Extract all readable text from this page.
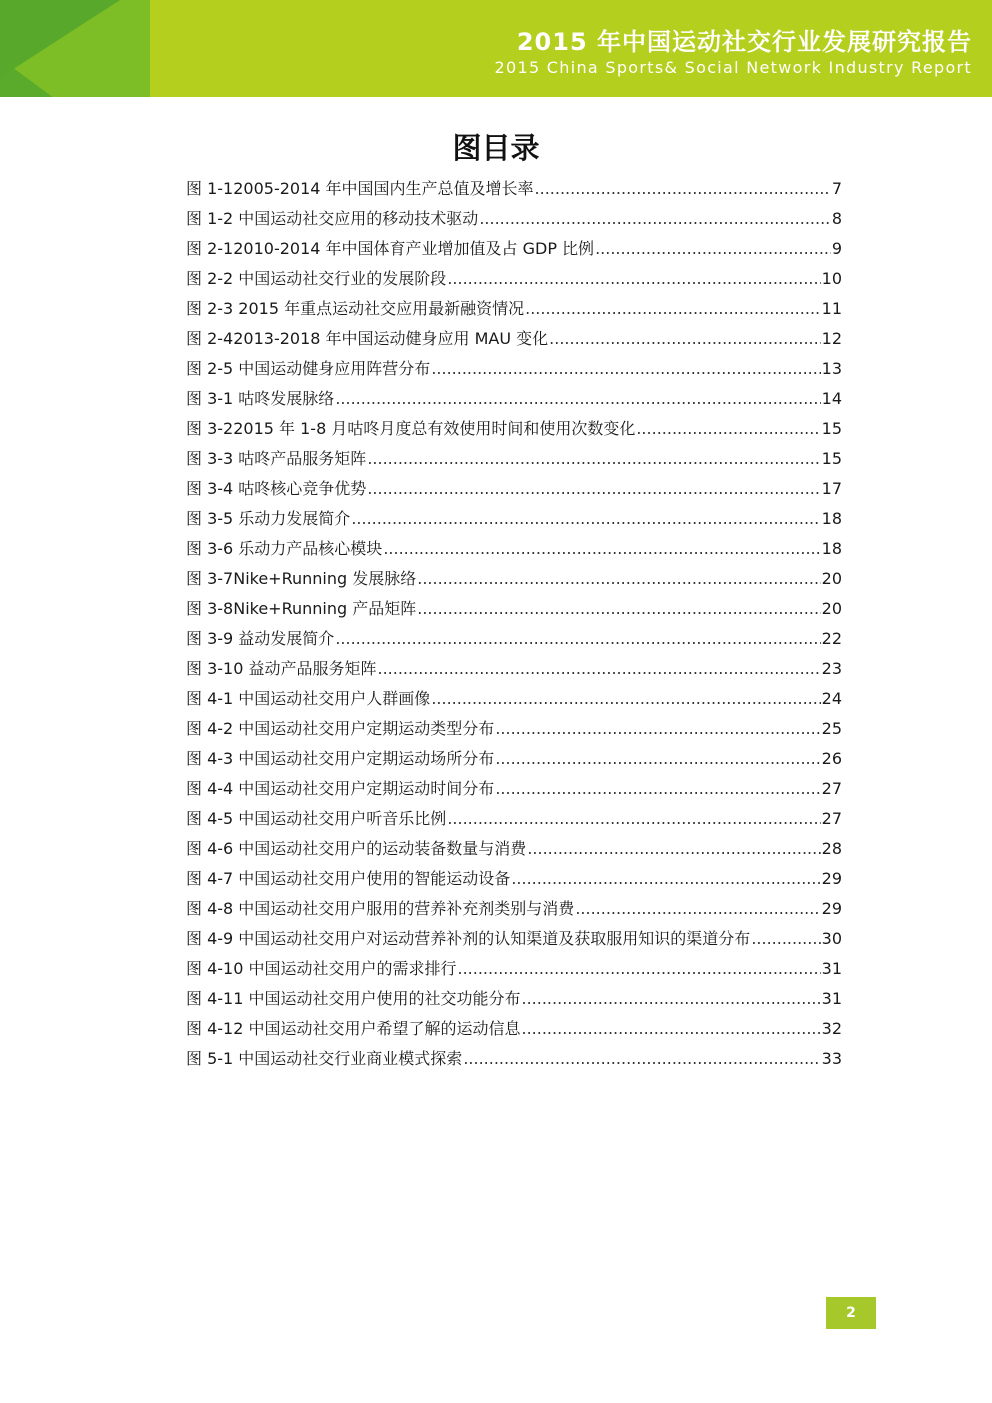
2015 年中国运动社交行业发展研究报告
2015 China Sports& Social Network Industry Report
图目录
图 1-12005-2014 年中国国内生产总值及增长率 .....	7
图 1-2 中国运动社交应用的移动技术驱动 .....	8
图 2-12010-2014 年中国体育产业增加值及占 GDP 比例 .....	9
图 2-2 中国运动社交行业的发展阶段 .....	10
图 2-3 2015 年重点运动社交应用最新融资情况 .....	11
图 2-42013-2018 年中国运动健身应用 MAU 变化 .....	12
图 2-5 中国运动健身应用阵营分布 .....	13
图 3-1 咕咚发展脉络 .....	14
图 3-22015 年 1-8 月咕咚月度总有效使用时间和使用次数变化 .....	15
图 3-3 咕咚产品服务矩阵 .....	15
图 3-4 咕咚核心竞争优势 .....	17
图 3-5 乐动力发展简介 .....	18
图 3-6 乐动力产品核心模块 .....	18
图 3-7Nike+Running 发展脉络 .....	20
图 3-8Nike+Running 产品矩阵 .....	20
图 3-9 益动发展简介 .....	22
图 3-10 益动产品服务矩阵 .....	23
图 4-1 中国运动社交用户人群画像 .....	24
图 4-2 中国运动社交用户定期运动类型分布 .....	25
图 4-3 中国运动社交用户定期运动场所分布 .....	26
图 4-4 中国运动社交用户定期运动时间分布 .....	27
图 4-5 中国运动社交用户听音乐比例 .....	27
图 4-6 中国运动社交用户的运动装备数量与消费 .....	28
图 4-7 中国运动社交用户使用的智能运动设备 .....	29
图 4-8 中国运动社交用户服用的营养补充剂类别与消费 .....	29
图 4-9 中国运动社交用户对运动营养补剂的认知渠道及获取服用知识的渠道分布 .....	30
图 4-10 中国运动社交用户的需求排行 .....	31
图 4-11 中国运动社交用户使用的社交功能分布 .....	31
图 4-12 中国运动社交用户希望了解的运动信息 .....	32
图 5-1 中国运动社交行业商业模式探索 .....	33
2
